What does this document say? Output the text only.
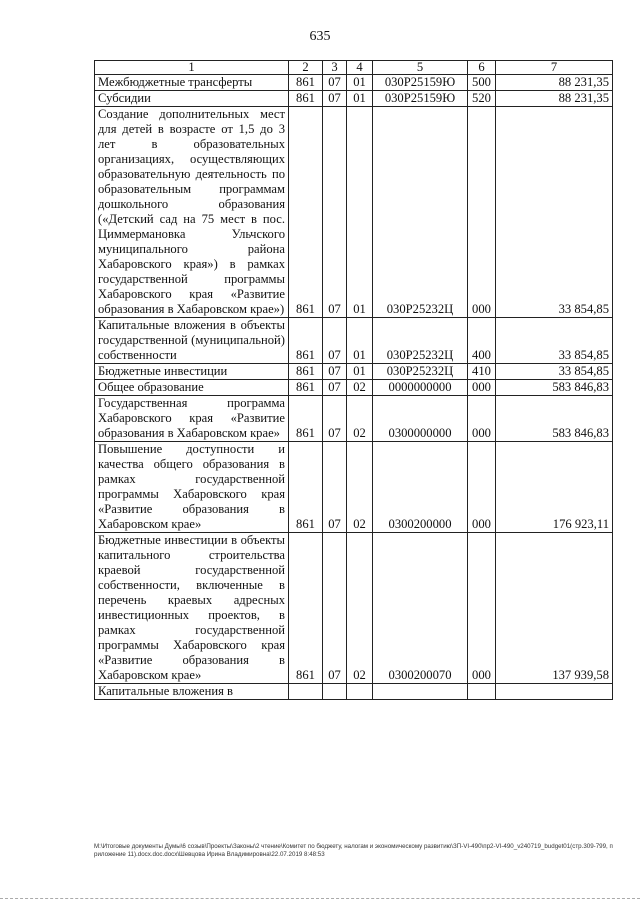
635
1	2	3	4	5	6	7
Межбюджетные трансферты	861	07	01	030Р25159Ю	500	88 231,35
Субсидии	861	07	01	030Р25159Ю	520	88 231,35
Создание дополнительных мест для детей в возрасте от 1,5 до 3 лет в образовательных организациях, осуществляющих образовательную деятельность по образовательным программам дошкольного образования («Детский сад на 75 мест в пос. Циммермановка Ульчского муниципального района Хабаровского края») в рамках государственной программы Хабаровского края «Развитие образования в Хабаровском крае»)	861	07	01	030Р25232Ц	000	33 854,85
Капитальные вложения в объекты государственной (муниципальной) собственности	861	07	01	030Р25232Ц	400	33 854,85
Бюджетные инвестиции	861	07	01	030Р25232Ц	410	33 854,85
Общее образование	861	07	02	0000000000	000	583 846,83
Государственная программа Хабаровского края «Развитие образования в Хабаровском крае»	861	07	02	0300000000	000	583 846,83
Повышение доступности и качества общего образования в рамках государственной программы Хабаровского края «Развитие образования в Хабаровском крае»	861	07	02	0300200000	000	176 923,11
Бюджетные инвестиции в объекты капитального строительства краевой государственной собственности, включенные в перечень краевых адресных инвестиционных проектов, в рамках государственной программы Хабаровского края «Развитие образования в Хабаровском крае»	861	07	02	0300200070	000	137 939,58
Капитальные вложения в						
M:\Итоговые документы Думы\6 созыв\Проекты\Законы\2 чтение\Комитет по бюджету, налогам и экономическому развитию\ЗП-VI-490\пр2-VI-490_v240719_budget01(стр.309-799, приложение 11).docx.doc.docx\Шевцова Ирина Владимировна\22.07.2019 8:48:53
